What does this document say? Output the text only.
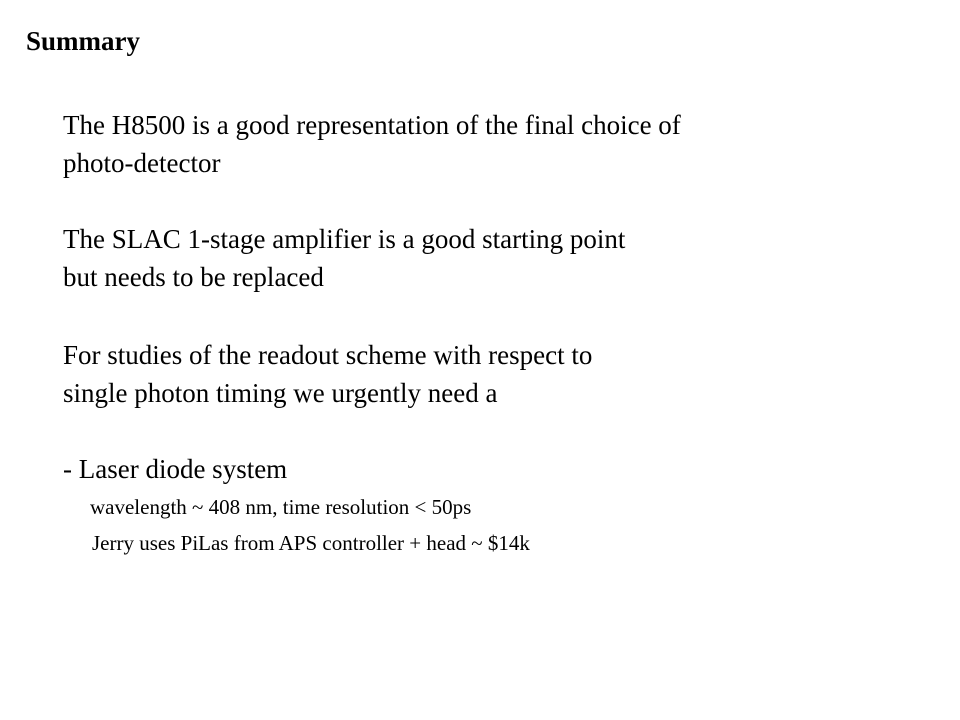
Summary
The H8500 is a good representation of the final choice of
photo-detector
The SLAC 1-stage amplifier is a good starting point
but needs to be replaced
For studies of the readout scheme with respect to
single photon timing we urgently need a
- Laser diode system
wavelength ~ 408 nm, time resolution < 50ps
Jerry uses PiLas from APS controller + head ~ $14k
